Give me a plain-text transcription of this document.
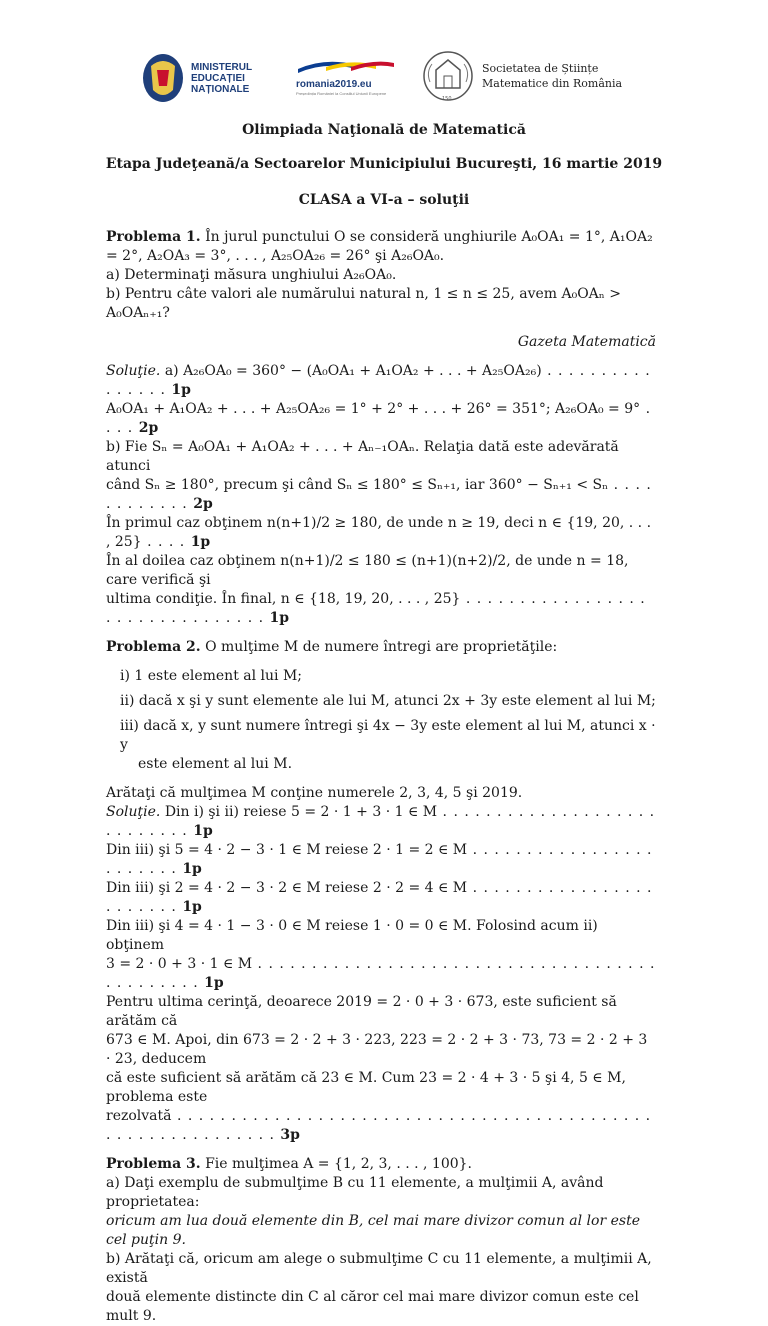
MINISTERUL
EDUCAȚIEI
NAȚIONALE	romania2019.eu
Președinția României la Consiliul Uniunii Europene
150
Societatea de Științe
Matematice din România
Olimpiada Naţională de Matematică
Etapa Judeţeană/a Sectoarelor Municipiului Bucureşti, 16 martie 2019
CLASA a VI-a – soluţii

Problema 1. În jurul punctului O se consideră unghiurile A₀OA₁ = 1°, A₁OA₂ = 2°, A₂OA₃ = 3°, . . . , A₂₅OA₂₆ = 26° şi A₂₆OA₀.

a) Determinaţi măsura unghiului A₂₆OA₀.

b) Pentru câte valori ale numărului natural n, 1 ≤ n ≤ 25, avem A₀OAₙ > A₀OAₙ₊₁?

Gazeta Matematică

Soluţie. a) A₂₆OA₀ = 360° − (A₀OA₁ + A₁OA₂ + . . . + A₂₅OA₂₆) . . . . . . . . . . . . . . . . 1p

A₀OA₁ + A₁OA₂ + . . . + A₂₅OA₂₆ = 1° + 2° + . . . + 26° = 351°; A₂₆OA₀ = 9° . . . . 2p

b) Fie Sₙ = A₀OA₁ + A₁OA₂ + . . . + Aₙ₋₁OAₙ. Relaţia dată este adevărată atunci

când Sₙ ≥ 180°, precum şi când Sₙ ≤ 180° ≤ Sₙ₊₁, iar 360° − Sₙ₊₁ < Sₙ . . . . . . . . . . . . 2p

În primul caz obţinem n(n+1)/2 ≥ 180, de unde n ≥ 19, deci n ∈ {19, 20, . . . , 25} . . . . 1p

În al doilea caz obţinem n(n+1)/2 ≤ 180 ≤ (n+1)(n+2)/2, de unde n = 18, care verifică şi

ultima condiţie. În final, n ∈ {18, 19, 20, . . . , 25} . . . . . . . . . . . . . . . . . . . . . . . . . . . . . . . . 1p

Problema 2. O mulţime M de numere întregi are proprietăţile:

i) 1 este element al lui M;

ii) dacă x şi y sunt elemente ale lui M, atunci 2x + 3y este element al lui M;

iii) dacă x, y sunt numere întregi şi 4x − 3y este element al lui M, atunci x · y

este element al lui M.

Arătaţi că mulţimea M conţine numerele 2, 3, 4, 5 şi 2019.

Soluţie. Din i) şi ii) reiese 5 = 2 · 1 + 3 · 1 ∈ M . . . . . . . . . . . . . . . . . . . . . . . . . . . . 1p

Din iii) şi 5 = 4 · 2 − 3 · 1 ∈ M reiese 2 · 1 = 2 ∈ M . . . . . . . . . . . . . . . . . . . . . . . . 1p

Din iii) şi 2 = 4 · 2 − 3 · 2 ∈ M reiese 2 · 2 = 4 ∈ M . . . . . . . . . . . . . . . . . . . . . . . . 1p

Din iii) şi 4 = 4 · 1 − 3 · 0 ∈ M reiese 1 · 0 = 0 ∈ M. Folosind acum ii) obţinem

3 = 2 · 0 + 3 · 1 ∈ M . . . . . . . . . . . . . . . . . . . . . . . . . . . . . . . . . . . . . . . . . . . . . . 1p

Pentru ultima cerinţă, deoarece 2019 = 2 · 0 + 3 · 673, este suficient să arătăm că

673 ∈ M. Apoi, din 673 = 2 · 2 + 3 · 223, 223 = 2 · 2 + 3 · 73, 73 = 2 · 2 + 3 · 23, deducem

că este suficient să arătăm că 23 ∈ M. Cum 23 = 2 · 4 + 3 · 5 şi 4, 5 ∈ M, problema este

rezolvată . . . . . . . . . . . . . . . . . . . . . . . . . . . . . . . . . . . . . . . . . . . . . . . . . . . . . . . . . . . . 3p

Problema 3. Fie mulţimea A = {1, 2, 3, . . . , 100}.

a) Daţi exemplu de submulţime B cu 11 elemente, a mulţimii A, având proprietatea:

oricum am lua două elemente din B, cel mai mare divizor comun al lor este cel puţin 9.

b) Arătaţi că, oricum am alege o submulţime C cu 11 elemente, a mulţimii A, există

două elemente distincte din C al căror cel mai mare divizor comun este cel mult 9.
